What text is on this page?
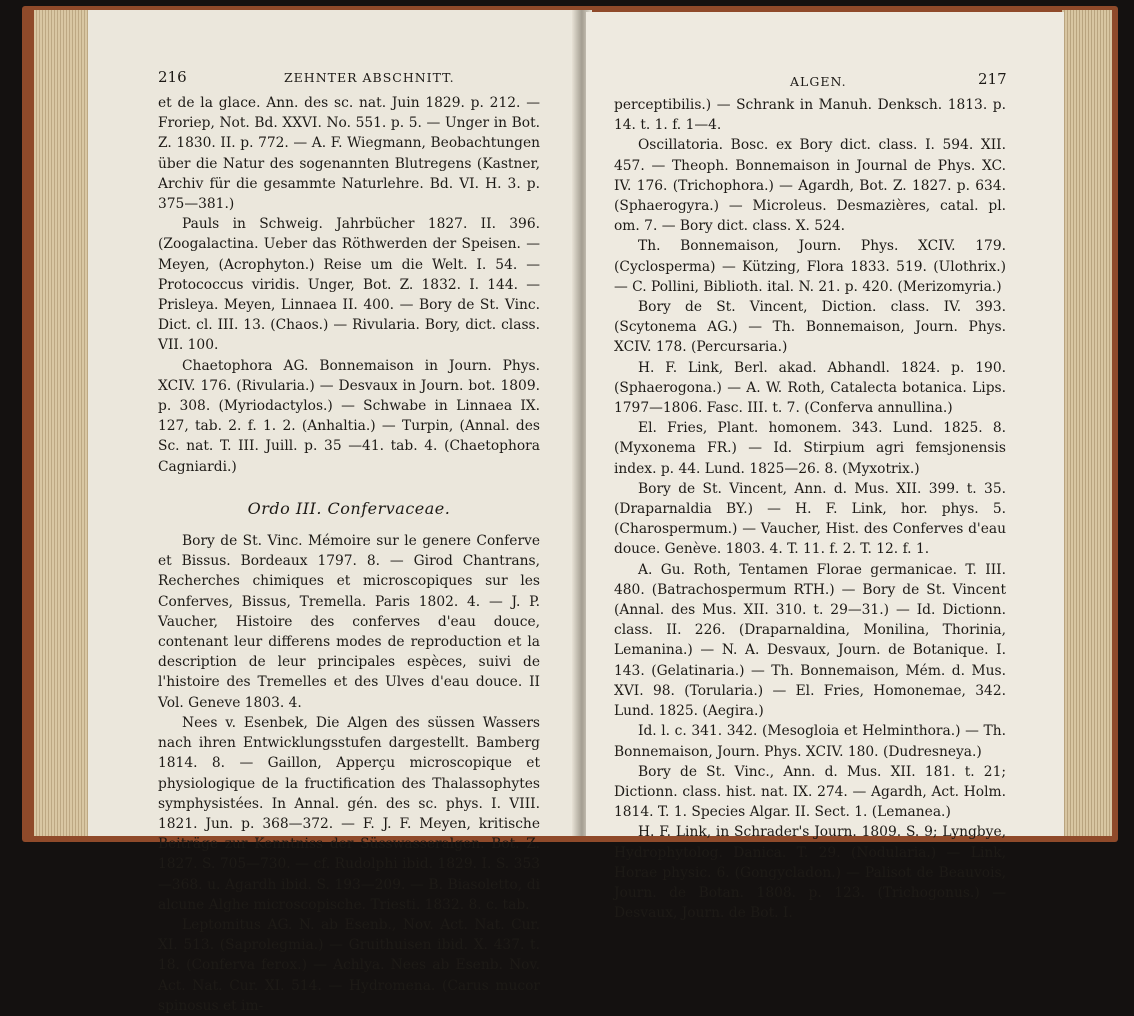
216	ZEHNTER ABSCHNITT.

et de la glace. Ann. des sc. nat. Juin 1829. p. 212. — Froriep, Not. Bd. XXVI. No. 551. p. 5. — Unger in Bot. Z. 1830. II. p. 772. — A. F. Wiegmann, Beobachtungen über die Natur des sogenannten Blutregens (Kastner, Archiv für die gesammte Naturlehre. Bd. VI. H. 3. p. 375—381.)

Pauls in Schweig. Jahrbücher 1827. II. 396. (Zoogalactina. Ueber das Röthwerden der Speisen. — Meyen, (Acrophyton.) Reise um die Welt. I. 54. — Protococcus viridis. Unger, Bot. Z. 1832. I. 144. — Prisleya. Meyen, Linnaea II. 400. — Bory de St. Vinc. Dict. cl. III. 13. (Chaos.) — Rivularia. Bory, dict. class. VII. 100.

Chaetophora AG. Bonnemaison in Journ. Phys. XCIV. 176. (Rivularia.) — Desvaux in Journ. bot. 1809. p. 308. (Myriodactylos.) — Schwabe in Linnaea IX. 127, tab. 2. f. 1. 2. (Anhaltia.) — Turpin, (Annal. des Sc. nat. T. III. Juill. p. 35 —41. tab. 4. (Chaetophora Cagniardi.)

Ordo III. Confervaceae.

Bory de St. Vinc. Mémoire sur le genere Conferve et Bissus. Bordeaux 1797. 8. — Girod Chantrans, Recherches chimiques et microscopiques sur les Conferves, Bissus, Tremella. Paris 1802. 4. — J. P. Vaucher, Histoire des conferves d'eau douce, contenant leur differens modes de reproduction et la description de leur principales espèces, suivi de l'histoire des Tremelles et des Ulves d'eau douce. II Vol. Geneve 1803. 4.

Nees v. Esenbek, Die Algen des süssen Wassers nach ihren Entwicklungsstufen dargestellt. Bamberg 1814. 8. — Gaillon, Apperçu microscopique et physiologique de la fructification des Thalassophytes symphysistées. In Annal. gén. des sc. phys. I. VIII. 1821. Jun. p. 368—372. — F. J. F. Meyen, kritische Beiträge zur Kenntniss der Süsswasseralgen. Bot. Z. 1827. S. 705—730. — cf. Rudolphi ibid. 1829. I. S. 353—368. u. Agardh ibid. S. 193—209. — B. Biasoletto, di alcune Alghe microscopische. Triesti. 1832. 8. c. tab.

Leptomitus AG. N. ab Esenb., Nov. Act. Nat. Cur. XI. 513. (Saprolegmia.) — Gruithuisen ibid. X. 437. t. 18. (Conferva ferox.) — Achlya. Nees ab Esenb. Nov. Act. Nat. Cur. XI. 514. — Hydromena. (Carus mucor spinosus et im-

ALGEN.	217

perceptibilis.) — Schrank in Manuh. Denksch. 1813. p. 14. t. 1. f. 1—4.

Oscillatoria. Bosc. ex Bory dict. class. I. 594. XII. 457. — Theoph. Bonnemaison in Journal de Phys. XC. IV. 176. (Trichophora.) — Agardh, Bot. Z. 1827. p. 634. (Sphaerogyra.) — Microleus. Desmazières, catal. pl. om. 7. — Bory dict. class. X. 524.

Th. Bonnemaison, Journ. Phys. XCIV. 179. (Cyclosperma) — Kützing, Flora 1833. 519. (Ulothrix.) — C. Pollini, Biblioth. ital. N. 21. p. 420. (Merizomyria.)

Bory de St. Vincent, Diction. class. IV. 393. (Scytonema AG.) — Th. Bonnemaison, Journ. Phys. XCIV. 178. (Percursaria.)

H. F. Link, Berl. akad. Abhandl. 1824. p. 190. (Sphaerogona.) — A. W. Roth, Catalecta botanica. Lips. 1797—1806. Fasc. III. t. 7. (Conferva annullina.)

El. Fries, Plant. homonem. 343. Lund. 1825. 8. (Myxonema FR.) — Id. Stirpium agri femsjonensis index. p. 44. Lund. 1825—26. 8. (Myxotrix.)

Bory de St. Vincent, Ann. d. Mus. XII. 399. t. 35. (Draparnaldia BY.) — H. F. Link, hor. phys. 5. (Charospermum.) — Vaucher, Hist. des Conferves d'eau douce. Genève. 1803. 4. T. 11. f. 2. T. 12. f. 1.

A. Gu. Roth, Tentamen Florae germanicae. T. III. 480. (Batrachospermum RTH.) — Bory de St. Vincent (Annal. des Mus. XII. 310. t. 29—31.) — Id. Dictionn. class. II. 226. (Draparnaldina, Monilina, Thorinia, Lemanina.) — N. A. Desvaux, Journ. de Botanique. I. 143. (Gelatinaria.) — Th. Bonnemaison, Mém. d. Mus. XVI. 98. (Torularia.) — El. Fries, Homonemae, 342. Lund. 1825. (Aegira.)

Id. l. c. 341. 342. (Mesogloia et Helminthora.) — Th. Bonnemaison, Journ. Phys. XCIV. 180. (Dudresneya.)

Bory de St. Vinc., Ann. d. Mus. XII. 181. t. 21; Dictionn. class. hist. nat. IX. 274. — Agardh, Act. Holm. 1814. T. 1. Species Algar. II. Sect. 1. (Lemanea.)

H. F. Link, in Schrader's Journ. 1809. S. 9; Lyngbye, Hydrophytolog. Danica. T. 29. (Nodularia.) — Link, Horae physic. 6. (Gongycladon.) — Palisot de Beauvois, Journ. de Botan. 1808. p. 123. (Trichogonus.) — Desvaux, Journ. de Bot. I.
